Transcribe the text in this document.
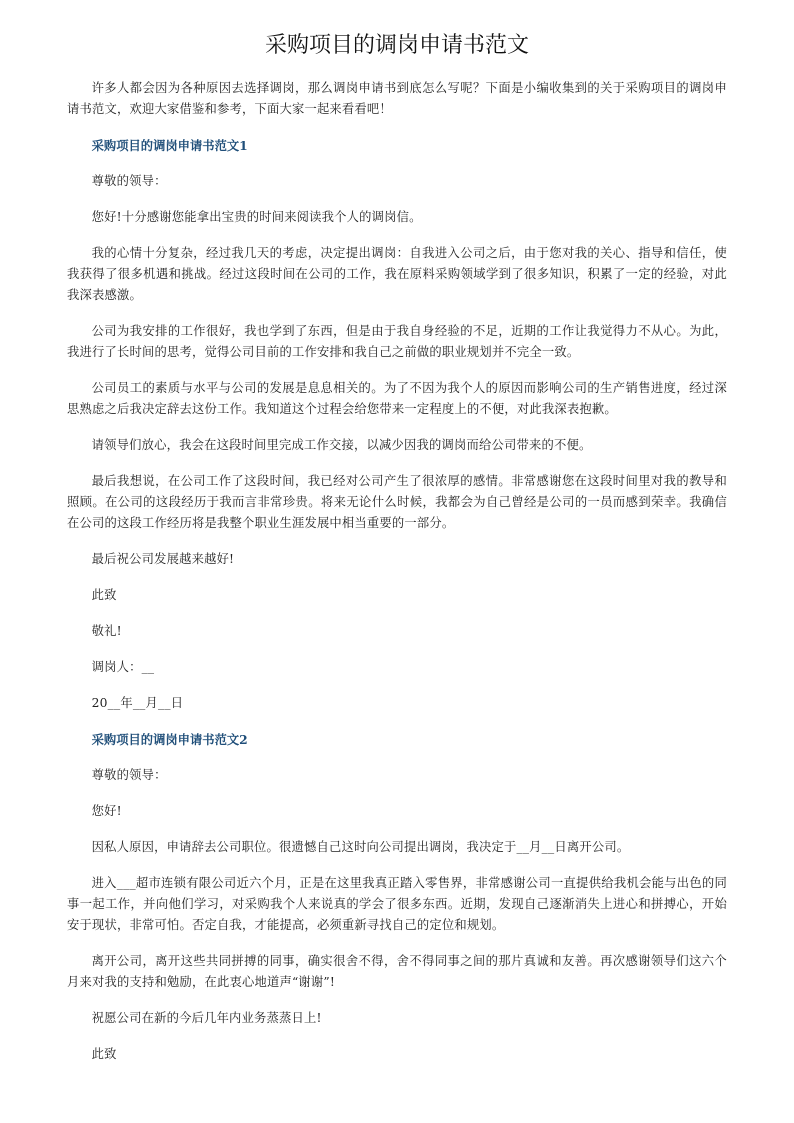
采购项目的调岗申请书范文

许多人都会因为各种原因去选择调岗，那么调岗申请书到底怎么写呢？下面是小编收集到的关于采购项目的调岗申请书范文，欢迎大家借鉴和参考，下面大家一起来看看吧！

采购项目的调岗申请书范文1

尊敬的领导：

您好!十分感谢您能拿出宝贵的时间来阅读我个人的调岗信。

我的心情十分复杂，经过我几天的考虑，决定提出调岗：自我进入公司之后，由于您对我的关心、指导和信任，使我获得了很多机遇和挑战。经过这段时间在公司的工作，我在原料采购领域学到了很多知识，积累了一定的经验，对此我深表感激。

公司为我安排的工作很好，我也学到了东西，但是由于我自身经验的不足，近期的工作让我觉得力不从心。为此，我进行了长时间的思考，觉得公司目前的工作安排和我自己之前做的职业规划并不完全一致。

公司员工的素质与水平与公司的发展是息息相关的。为了不因为我个人的原因而影响公司的生产销售进度，经过深思熟虑之后我决定辞去这份工作。我知道这个过程会给您带来一定程度上的不便，对此我深表抱歉。

请领导们放心，我会在这段时间里完成工作交接，以减少因我的调岗而给公司带来的不便。

最后我想说，在公司工作了这段时间，我已经对公司产生了很浓厚的感情。非常感谢您在这段时间里对我的教导和照顾。在公司的这段经历于我而言非常珍贵。将来无论什么时候，我都会为自己曾经是公司的一员而感到荣幸。我确信在公司的这段工作经历将是我整个职业生涯发展中相当重要的一部分。

最后祝公司发展越来越好!

此致

敬礼!

调岗人：__

20__年__月__日

采购项目的调岗申请书范文2

尊敬的领导：

您好!

因私人原因，申请辞去公司职位。很遗憾自己这时向公司提出调岗，我决定于__月__日离开公司。

进入___超市连锁有限公司近六个月，正是在这里我真正踏入零售界，非常感谢公司一直提供给我机会能与出色的同事一起工作，并向他们学习，对采购我个人来说真的学会了很多东西。近期，发现自己逐渐消失上进心和拼搏心，开始安于现状，非常可怕。否定自我，才能提高，必须重新寻找自己的定位和规划。

离开公司，离开这些共同拼搏的同事，确实很舍不得，舍不得同事之间的那片真诚和友善。再次感谢领导们这六个月来对我的支持和勉励，在此衷心地道声“谢谢”!

祝愿公司在新的今后几年内业务蒸蒸日上!

此致
